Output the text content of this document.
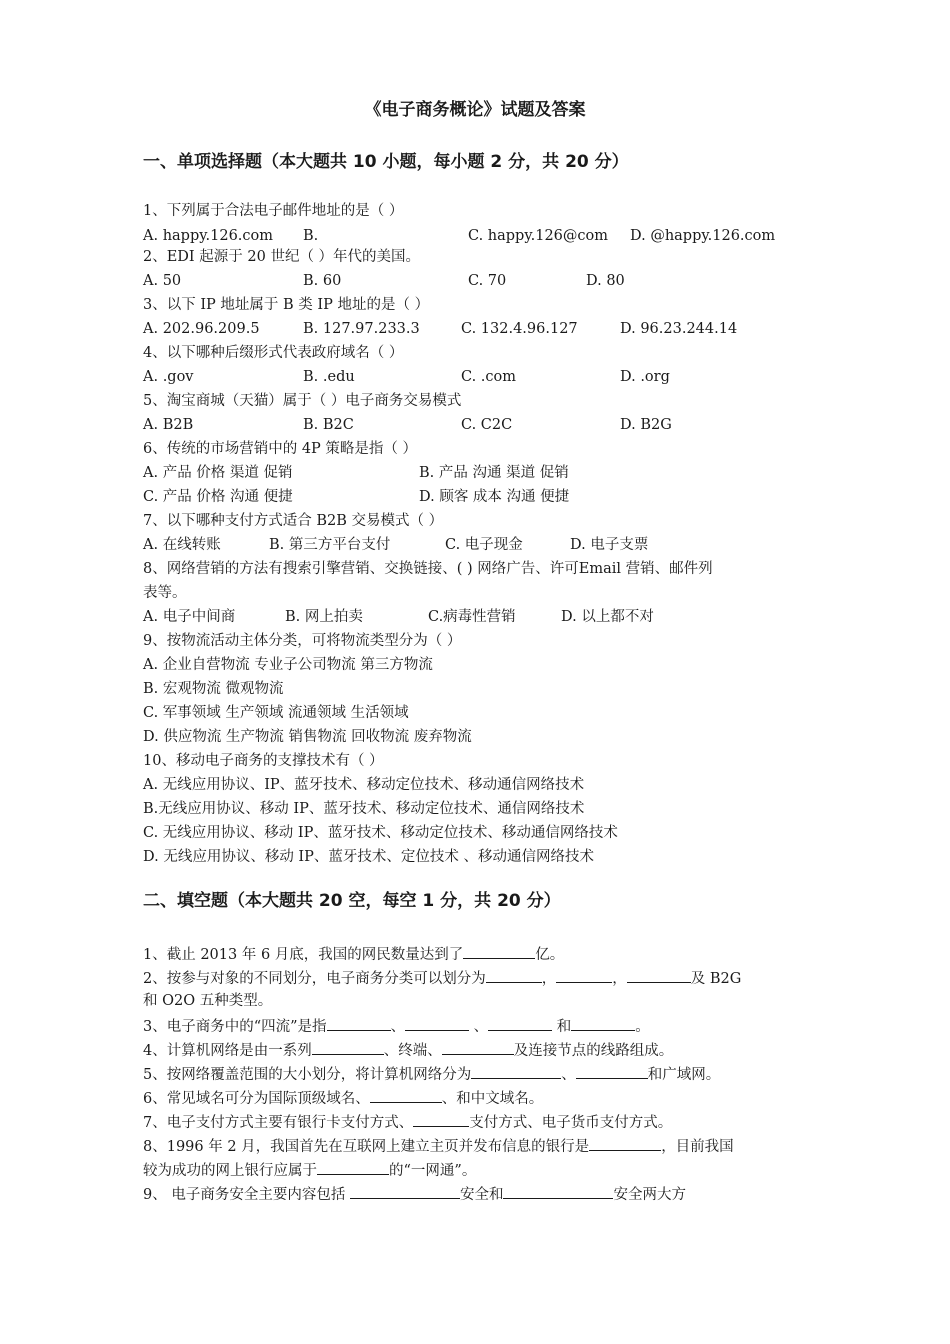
《电子商务概论》试题及答案
一、单项选择题（本大题共 10 小题，每小题 2 分，共 20 分）
1、下列属于合法电子邮件地址的是（ ）
A. happy.126.com B.	C. happy.126@com D. @happy.126.com
2、EDI 起源于 20 世纪（ ）年代的美国。
A. 50	B. 60	C. 70	D. 80
3、以下 IP 地址属于 B 类 IP 地址的是（ ）
A. 202.96.209.5	B. 127.97.233.3	C. 132.4.96.127	D. 96.23.244.14
4、以下哪种后缀形式代表政府域名（ ）
A. .gov	B. .edu	C. .com	D. .org
5、淘宝商城（天猫）属于（ ）电子商务交易模式
A. B2B	B. B2C	C. C2C	D. B2G
6、传统的市场营销中的 4P 策略是指（ ）
A. 产品 价格 渠道 促销	B. 产品 沟通 渠道 促销
C. 产品 价格 沟通 便捷	D. 顾客 成本 沟通 便捷
7、以下哪种支付方式适合 B2B 交易模式（ ）
A. 在线转账	B. 第三方平台支付	C. 电子现金	D. 电子支票
8、网络营销的方法有搜索引擎营销、交换链接、( ) 网络广告、许可Email 营销、邮件列
表等。
A. 电子中间商	B. 网上拍卖	C.病毒性营销	D. 以上都不对
9、按物流活动主体分类，可将物流类型分为（ ）
A. 企业自营物流 专业子公司物流 第三方物流
B. 宏观物流 微观物流
C. 军事领域 生产领域 流通领域 生活领域
D. 供应物流 生产物流 销售物流 回收物流 废弃物流
10、移动电子商务的支撑技术有（ ）
A. 无线应用协议、IP、蓝牙技术、移动定位技术、移动通信网络技术
B.无线应用协议、移动 IP、蓝牙技术、移动定位技术、通信网络技术
C. 无线应用协议、移动 IP、蓝牙技术、移动定位技术、移动通信网络技术
D. 无线应用协议、移动 IP、蓝牙技术、定位技术 、移动通信网络技术
二、填空题（本大题共 20 空，每空 1 分，共 20 分）
1、截止 2013 年 6 月底，我国的网民数量达到了	亿。
2、按参与对象的不同划分，电子商务分类可以划分为	，	，	及 B2G
和 O2O 五种类型。
3、电子商务中的“四流”是指	、	、	和	。
4、计算机网络是由一系列	、终端、	及连接节点的线路组成。
5、按网络覆盖范围的大小划分，将计算机网络分为	、	和广域网。
6、常见域名可分为国际顶级域名、	、和中文域名。
7、电子支付方式主要有银行卡支付方式、	支付方式、电子货币支付方式。
8、1996 年 2 月，我国首先在互联网上建立主页并发布信息的银行是	，目前我国
较为成功的网上银行应属于	的“一网通”。
9、 电子商务安全主要内容包括	安全和	安全两大方
